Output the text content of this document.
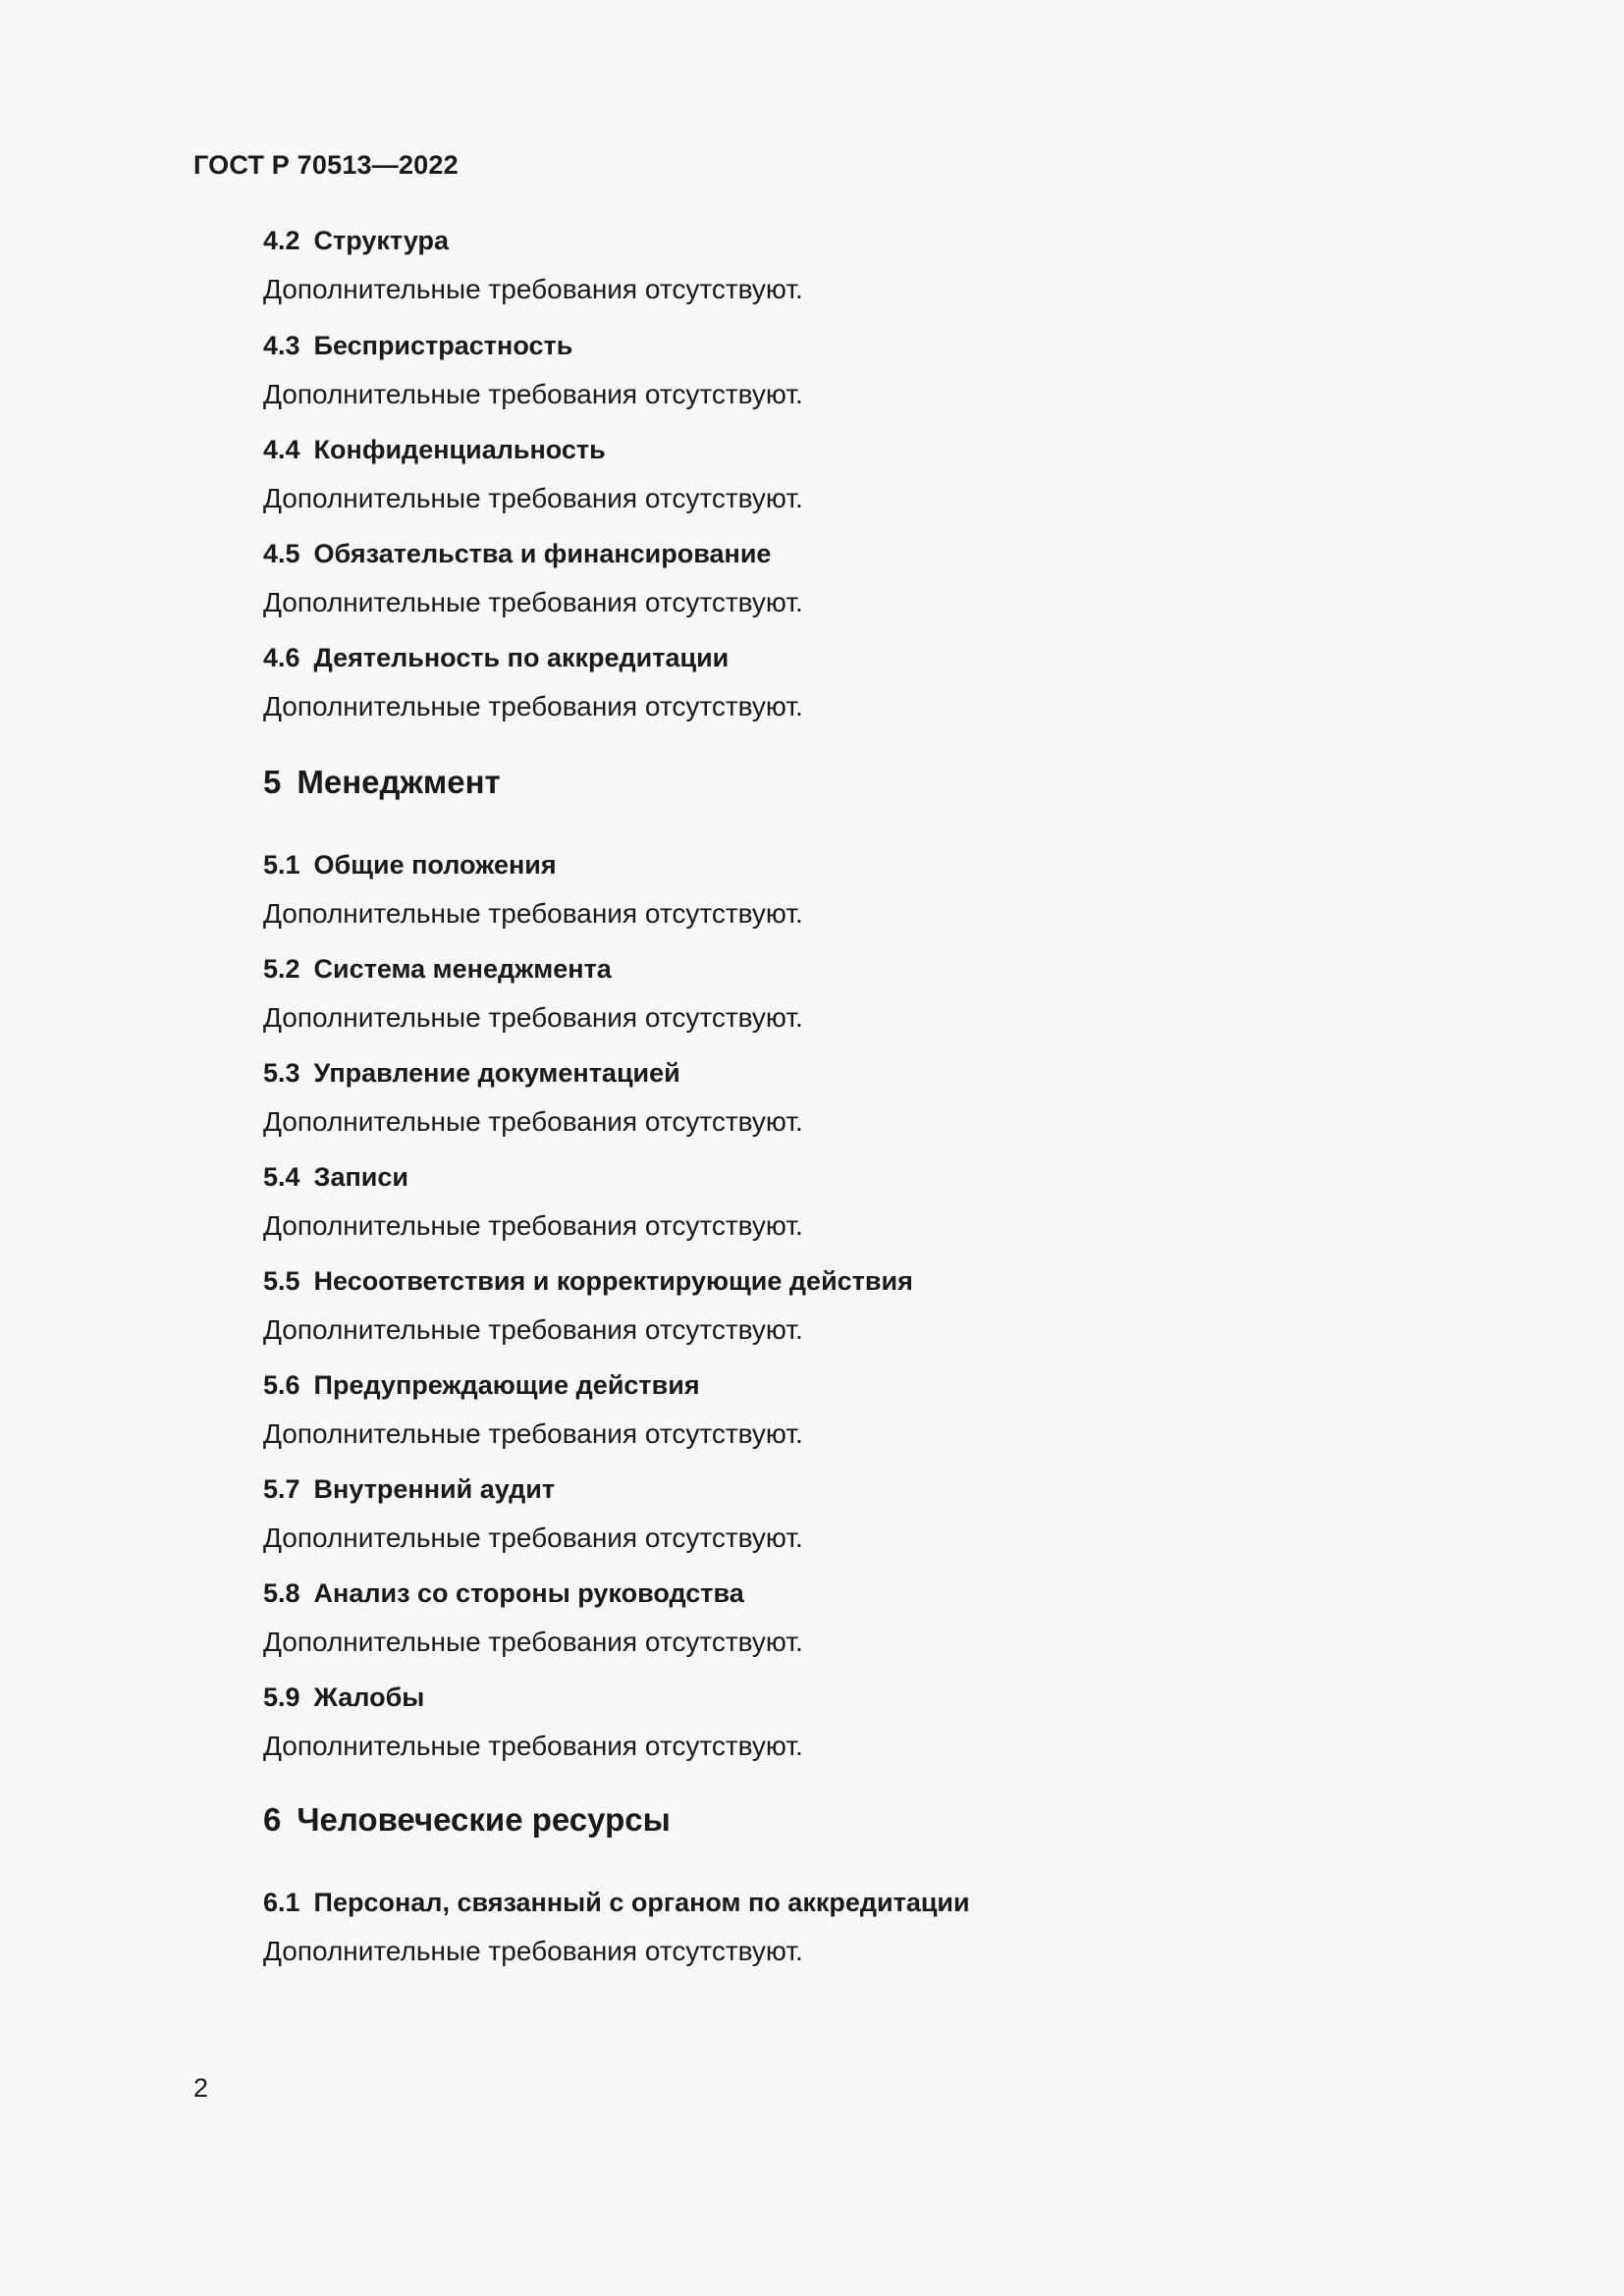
ГОСТ Р 70513—2022
4.2 Структура
Дополнительные требования отсутствуют.
4.3 Беспристрастность
Дополнительные требования отсутствуют.
4.4 Конфиденциальность
Дополнительные требования отсутствуют.
4.5 Обязательства и финансирование
Дополнительные требования отсутствуют.
4.6 Деятельность по аккредитации
Дополнительные требования отсутствуют.
5 Менеджмент
5.1 Общие положения
Дополнительные требования отсутствуют.
5.2 Система менеджмента
Дополнительные требования отсутствуют.
5.3 Управление документацией
Дополнительные требования отсутствуют.
5.4 Записи
Дополнительные требования отсутствуют.
5.5 Несоответствия и корректирующие действия
Дополнительные требования отсутствуют.
5.6 Предупреждающие действия
Дополнительные требования отсутствуют.
5.7 Внутренний аудит
Дополнительные требования отсутствуют.
5.8 Анализ со стороны руководства
Дополнительные требования отсутствуют.
5.9 Жалобы
Дополнительные требования отсутствуют.
6 Человеческие ресурсы
6.1 Персонал, связанный с органом по аккредитации
Дополнительные требования отсутствуют.
2
